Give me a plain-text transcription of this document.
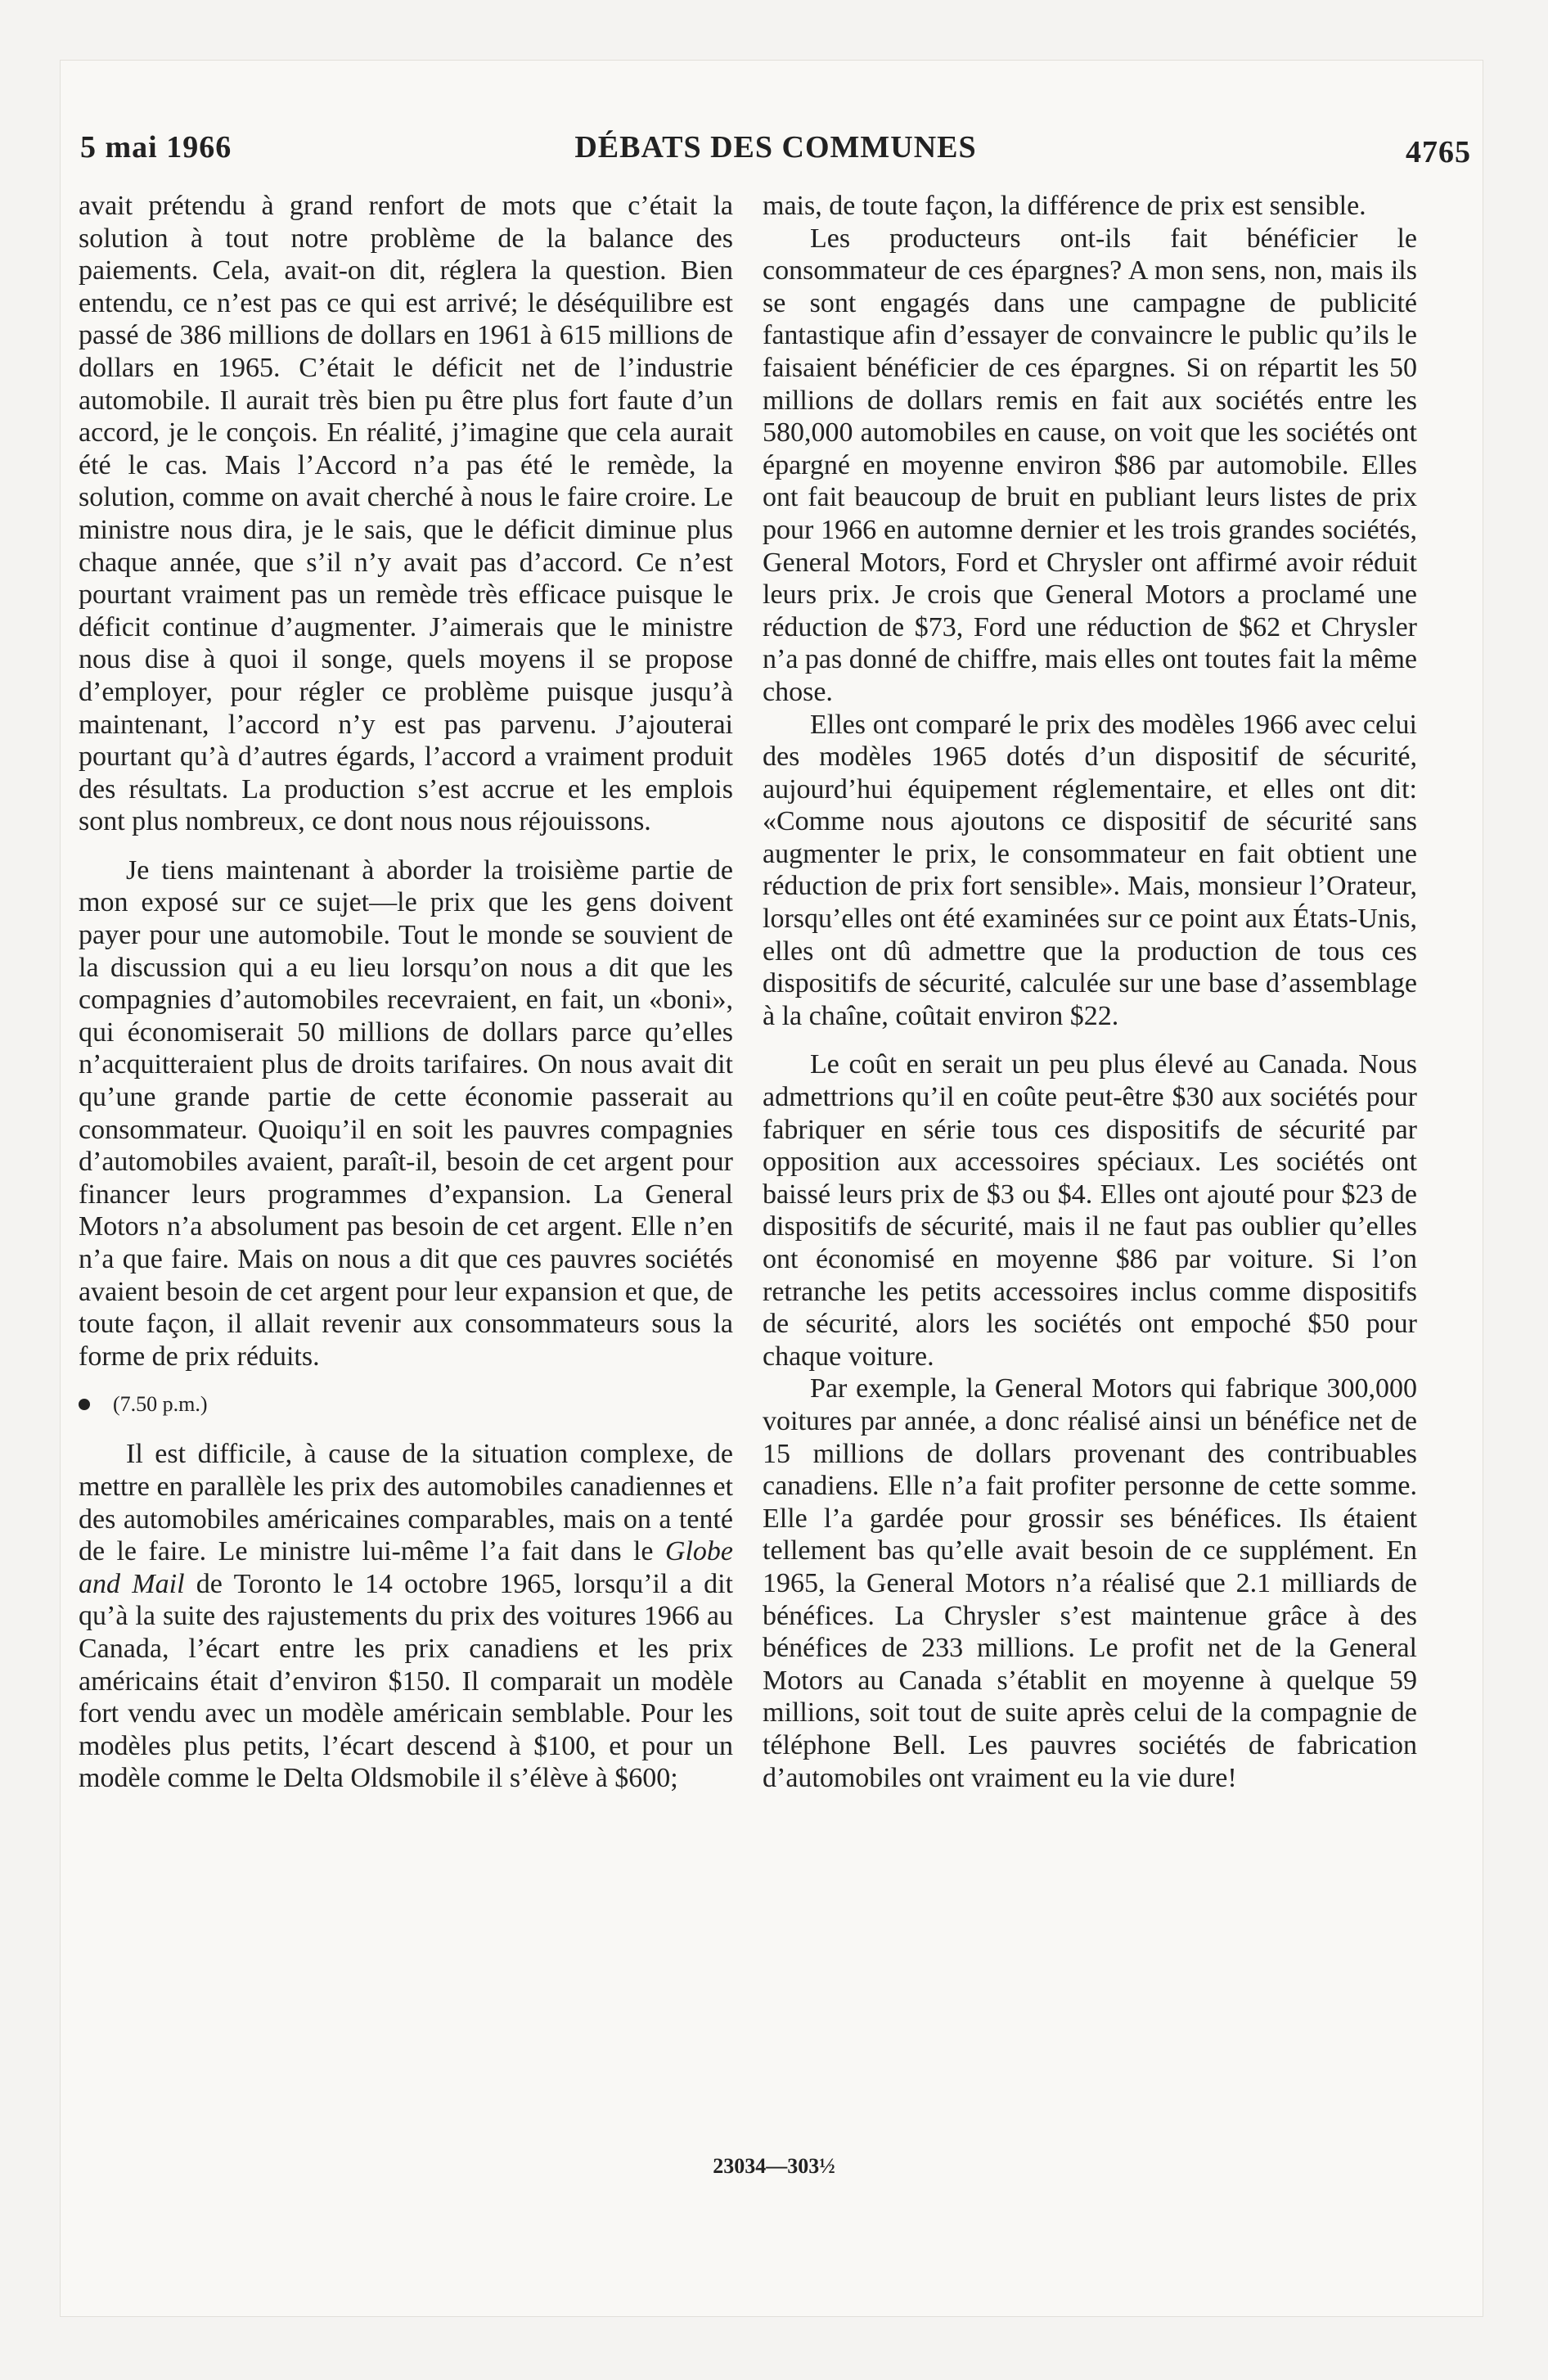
5 mai 1966	DÉBATS DES COMMUNES	4765

avait prétendu à grand renfort de mots que c’était la solution à tout notre problème de la balance des paiements. Cela, avait-on dit, réglera la question. Bien entendu, ce n’est pas ce qui est arrivé; le déséquilibre est passé de 386 millions de dollars en 1961 à 615 millions de dollars en 1965. C’était le déficit net de l’industrie automobile. Il aurait très bien pu être plus fort faute d’un accord, je le conçois. En réalité, j’imagine que cela aurait été le cas. Mais l’Accord n’a pas été le remède, la solution, comme on avait cherché à nous le faire croire. Le ministre nous dira, je le sais, que le déficit diminue plus chaque année, que s’il n’y avait pas d’accord. Ce n’est pourtant vraiment pas un remède très efficace puisque le déficit continue d’augmenter. J’aimerais que le ministre nous dise à quoi il songe, quels moyens il se propose d’employer, pour régler ce problème puisque jusqu’à maintenant, l’accord n’y est pas parvenu. J’ajouterai pourtant qu’à d’autres égards, l’accord a vraiment produit des résultats. La production s’est accrue et les emplois sont plus nombreux, ce dont nous nous réjouissons.

Je tiens maintenant à aborder la troisième partie de mon exposé sur ce sujet—le prix que les gens doivent payer pour une automobile. Tout le monde se souvient de la discussion qui a eu lieu lorsqu’on nous a dit que les compagnies d’automobiles recevraient, en fait, un «boni», qui économiserait 50 millions de dollars parce qu’elles n’acquitteraient plus de droits tarifaires. On nous avait dit qu’une grande partie de cette économie passerait au consommateur. Quoiqu’il en soit les pauvres compagnies d’automobiles avaient, paraît-il, besoin de cet argent pour financer leurs programmes d’expansion. La General Motors n’a absolument pas besoin de cet argent. Elle n’en n’a que faire. Mais on nous a dit que ces pauvres sociétés avaient besoin de cet argent pour leur expansion et que, de toute façon, il allait revenir aux consommateurs sous la forme de prix réduits.

(7.50 p.m.)

Il est difficile, à cause de la situation complexe, de mettre en parallèle les prix des automobiles canadiennes et des automobiles américaines comparables, mais on a tenté de le faire. Le ministre lui-même l’a fait dans le Globe and Mail de Toronto le 14 octobre 1965, lorsqu’il a dit qu’à la suite des rajustements du prix des voitures 1966 au Canada, l’écart entre les prix canadiens et les prix américains était d’environ $150. Il comparait un modèle fort vendu avec un modèle américain semblable. Pour les modèles plus petits, l’écart descend à $100, et pour un modèle comme le Delta Oldsmobile il s’élève à $600;

mais, de toute façon, la différence de prix est sensible.

Les producteurs ont-ils fait bénéficier le consommateur de ces épargnes? A mon sens, non, mais ils se sont engagés dans une campagne de publicité fantastique afin d’essayer de convaincre le public qu’ils le faisaient bénéficier de ces épargnes. Si on répartit les 50 millions de dollars remis en fait aux sociétés entre les 580,000 automobiles en cause, on voit que les sociétés ont épargné en moyenne environ $86 par automobile. Elles ont fait beaucoup de bruit en publiant leurs listes de prix pour 1966 en automne dernier et les trois grandes sociétés, General Motors, Ford et Chrysler ont affirmé avoir réduit leurs prix. Je crois que General Motors a proclamé une réduction de $73, Ford une réduction de $62 et Chrysler n’a pas donné de chiffre, mais elles ont toutes fait la même chose.

Elles ont comparé le prix des modèles 1966 avec celui des modèles 1965 dotés d’un dispositif de sécurité, aujourd’hui équipement réglementaire, et elles ont dit: «Comme nous ajoutons ce dispositif de sécurité sans augmenter le prix, le consommateur en fait obtient une réduction de prix fort sensible». Mais, monsieur l’Orateur, lorsqu’elles ont été examinées sur ce point aux États-Unis, elles ont dû admettre que la production de tous ces dispositifs de sécurité, calculée sur une base d’assemblage à la chaîne, coûtait environ $22.

Le coût en serait un peu plus élevé au Canada. Nous admettrions qu’il en coûte peut-être $30 aux sociétés pour fabriquer en série tous ces dispositifs de sécurité par opposition aux accessoires spéciaux. Les sociétés ont baissé leurs prix de $3 ou $4. Elles ont ajouté pour $23 de dispositifs de sécurité, mais il ne faut pas oublier qu’elles ont économisé en moyenne $86 par voiture. Si l’on retranche les petits accessoires inclus comme dispositifs de sécurité, alors les sociétés ont empoché $50 pour chaque voiture.

Par exemple, la General Motors qui fabrique 300,000 voitures par année, a donc réalisé ainsi un bénéfice net de 15 millions de dollars provenant des contribuables canadiens. Elle n’a fait profiter personne de cette somme. Elle l’a gardée pour grossir ses bénéfices. Ils étaient tellement bas qu’elle avait besoin de ce supplément. En 1965, la General Motors n’a réalisé que 2.1 milliards de bénéfices. La Chrysler s’est maintenue grâce à des bénéfices de 233 millions. Le profit net de la General Motors au Canada s’établit en moyenne à quelque 59 millions, soit tout de suite après celui de la compagnie de téléphone Bell. Les pauvres sociétés de fabrication d’automobiles ont vraiment eu la vie dure!

23034—303½
